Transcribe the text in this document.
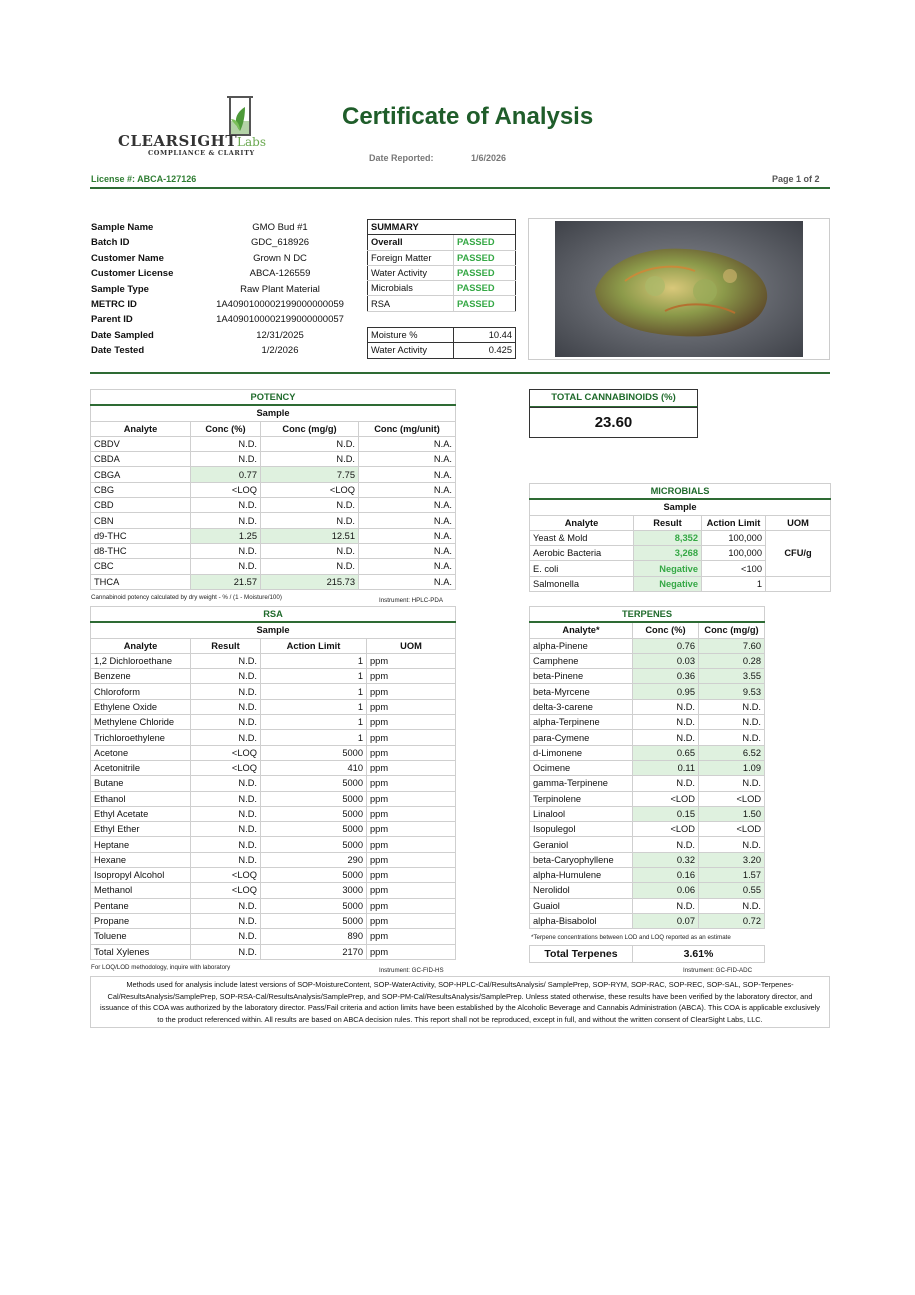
CLEARSIGHTLabs
COMPLIANCE & CLARITY
Certificate of Analysis
Date Reported:	1/6/2026
License #: ABCA-127126	Page 1 of 2
Sample Name	GMO Bud #1
Batch ID	GDC_618926
Customer Name	Grown N DC
Customer License	ABCA-126559
Sample Type	Raw Plant Material
METRC ID	1A4090100002199000000059
Parent ID	1A4090100002199000000057
Date Sampled	12/31/2025
Date Tested	1/2/2026
SUMMARY	
Overall	PASSED
Foreign Matter	PASSED
Water Activity	PASSED
Microbials	PASSED
RSA	PASSED
Moisture %	10.44
Water Activity	0.425
POTENCY			
Sample			
Analyte	Conc (%)	Conc (mg/g)	Conc (mg/unit)
CBDV	N.D.	N.D.	N.A.
CBDA	N.D.	N.D.	N.A.
CBGA	0.77	7.75	N.A.
CBG	<LOQ	<LOQ	N.A.
CBD	N.D.	N.D.	N.A.
CBN	N.D.	N.D.	N.A.
d9-THC	1.25	12.51	N.A.
d8-THC	N.D.	N.D.	N.A.
CBC	N.D.	N.D.	N.A.
THCA	21.57	215.73	N.A.
Cannabinoid potency calculated by dry weight - % / (1 - Moisture/100)	Instrument: HPLC-PDA
TOTAL CANNABINOIDS (%)
23.60
MICROBIALS			
Sample			
Analyte	Result	Action Limit	UOM
Yeast & Mold	8,352	100,000	CFU/g
Aerobic Bacteria	3,268	100,000	
E. coli	Negative	<100	
Salmonella	Negative	1	
RSA			
Sample			
Analyte	Result	Action Limit	UOM
1,2 Dichloroethane	N.D.	1	ppm
Benzene	N.D.	1	ppm
Chloroform	N.D.	1	ppm
Ethylene Oxide	N.D.	1	ppm
Methylene Chloride	N.D.	1	ppm
Trichloroethylene	N.D.	1	ppm
Acetone	<LOQ	5000	ppm
Acetonitrile	<LOQ	410	ppm
Butane	N.D.	5000	ppm
Ethanol	N.D.	5000	ppm
Ethyl Acetate	N.D.	5000	ppm
Ethyl Ether	N.D.	5000	ppm
Heptane	N.D.	5000	ppm
Hexane	N.D.	290	ppm
Isopropyl Alcohol	<LOQ	5000	ppm
Methanol	<LOQ	3000	ppm
Pentane	N.D.	5000	ppm
Propane	N.D.	5000	ppm
Toluene	N.D.	890	ppm
Total Xylenes	N.D.	2170	ppm
For LOQ/LOD methodology, inquire with laboratory	Instrument: GC-FID-HS
TERPENES		
Analyte*	Conc (%)	Conc (mg/g)
alpha-Pinene	0.76	7.60
Camphene	0.03	0.28
beta-Pinene	0.36	3.55
beta-Myrcene	0.95	9.53
delta-3-carene	N.D.	N.D.
alpha-Terpinene	N.D.	N.D.
para-Cymene	N.D.	N.D.
d-Limonene	0.65	6.52
Ocimene	0.11	1.09
gamma-Terpinene	N.D.	N.D.
Terpinolene	<LOD	<LOD
Linalool	0.15	1.50
Isopulegol	<LOD	<LOD
Geraniol	N.D.	N.D.
beta-Caryophyllene	0.32	3.20
alpha-Humulene	0.16	1.57
Nerolidol	0.06	0.55
Guaiol	N.D.	N.D.
alpha-Bisabolol	0.07	0.72
*Terpene concentrations between LOD and LOQ reported as an estimate
Total Terpenes	3.61%
Instrument: GC-FID-ADC
Methods used for analysis include latest versions of SOP-MoistureContent, SOP-WaterActivity, SOP-HPLC-Cal/ResultsAnalysis/ SamplePrep, SOP-RYM, SOP-RAC, SOP-REC, SOP-SAL, SOP-Terpenes-Cal/ResultsAnalysis/SamplePrep, SOP-RSA-Cal/ResultsAnalysis/SamplePrep, and SOP-PM-Cal/ResultsAnalysis/SamplePrep. Unless stated otherwise, these results have been verified by the laboratory director, and issuance of this COA was authorized by the laboratory director. Pass/Fail criteria and action limits have been established by the Alcoholic Beverage and Cannabis Administration (ABCA). This COA is applicable exclusively to the product referenced within. All results are based on ABCA decision rules. This report shall not be reproduced, except in full, and without the written consent of ClearSight Labs, LLC.
